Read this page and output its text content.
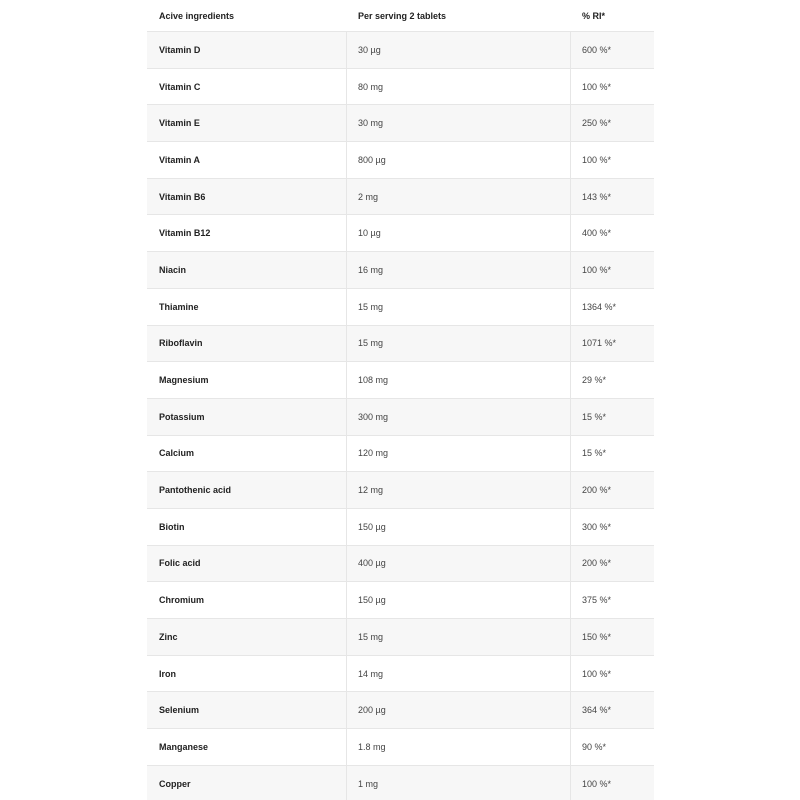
Acive ingredients	Per serving 2 tablets	% RI*
Vitamin D	30 µg	600 %*
Vitamin C	80 mg	100 %*
Vitamin E	30 mg	250 %*
Vitamin A	800 µg	100 %*
Vitamin B6	2 mg	143 %*
Vitamin B12	10 µg	400 %*
Niacin	16 mg	100 %*
Thiamine	15 mg	1364 %*
Riboflavin	15 mg	1071 %*
Magnesium	108 mg	29 %*
Potassium	300 mg	15 %*
Calcium	120 mg	15 %*
Pantothenic acid	12 mg	200 %*
Biotin	150 µg	300 %*
Folic acid	400 µg	200 %*
Chromium	150 µg	375 %*
Zinc	15 mg	150 %*
Iron	14 mg	100 %*
Selenium	200 µg	364 %*
Manganese	1.8 mg	90 %*
Copper	1 mg	100 %*
